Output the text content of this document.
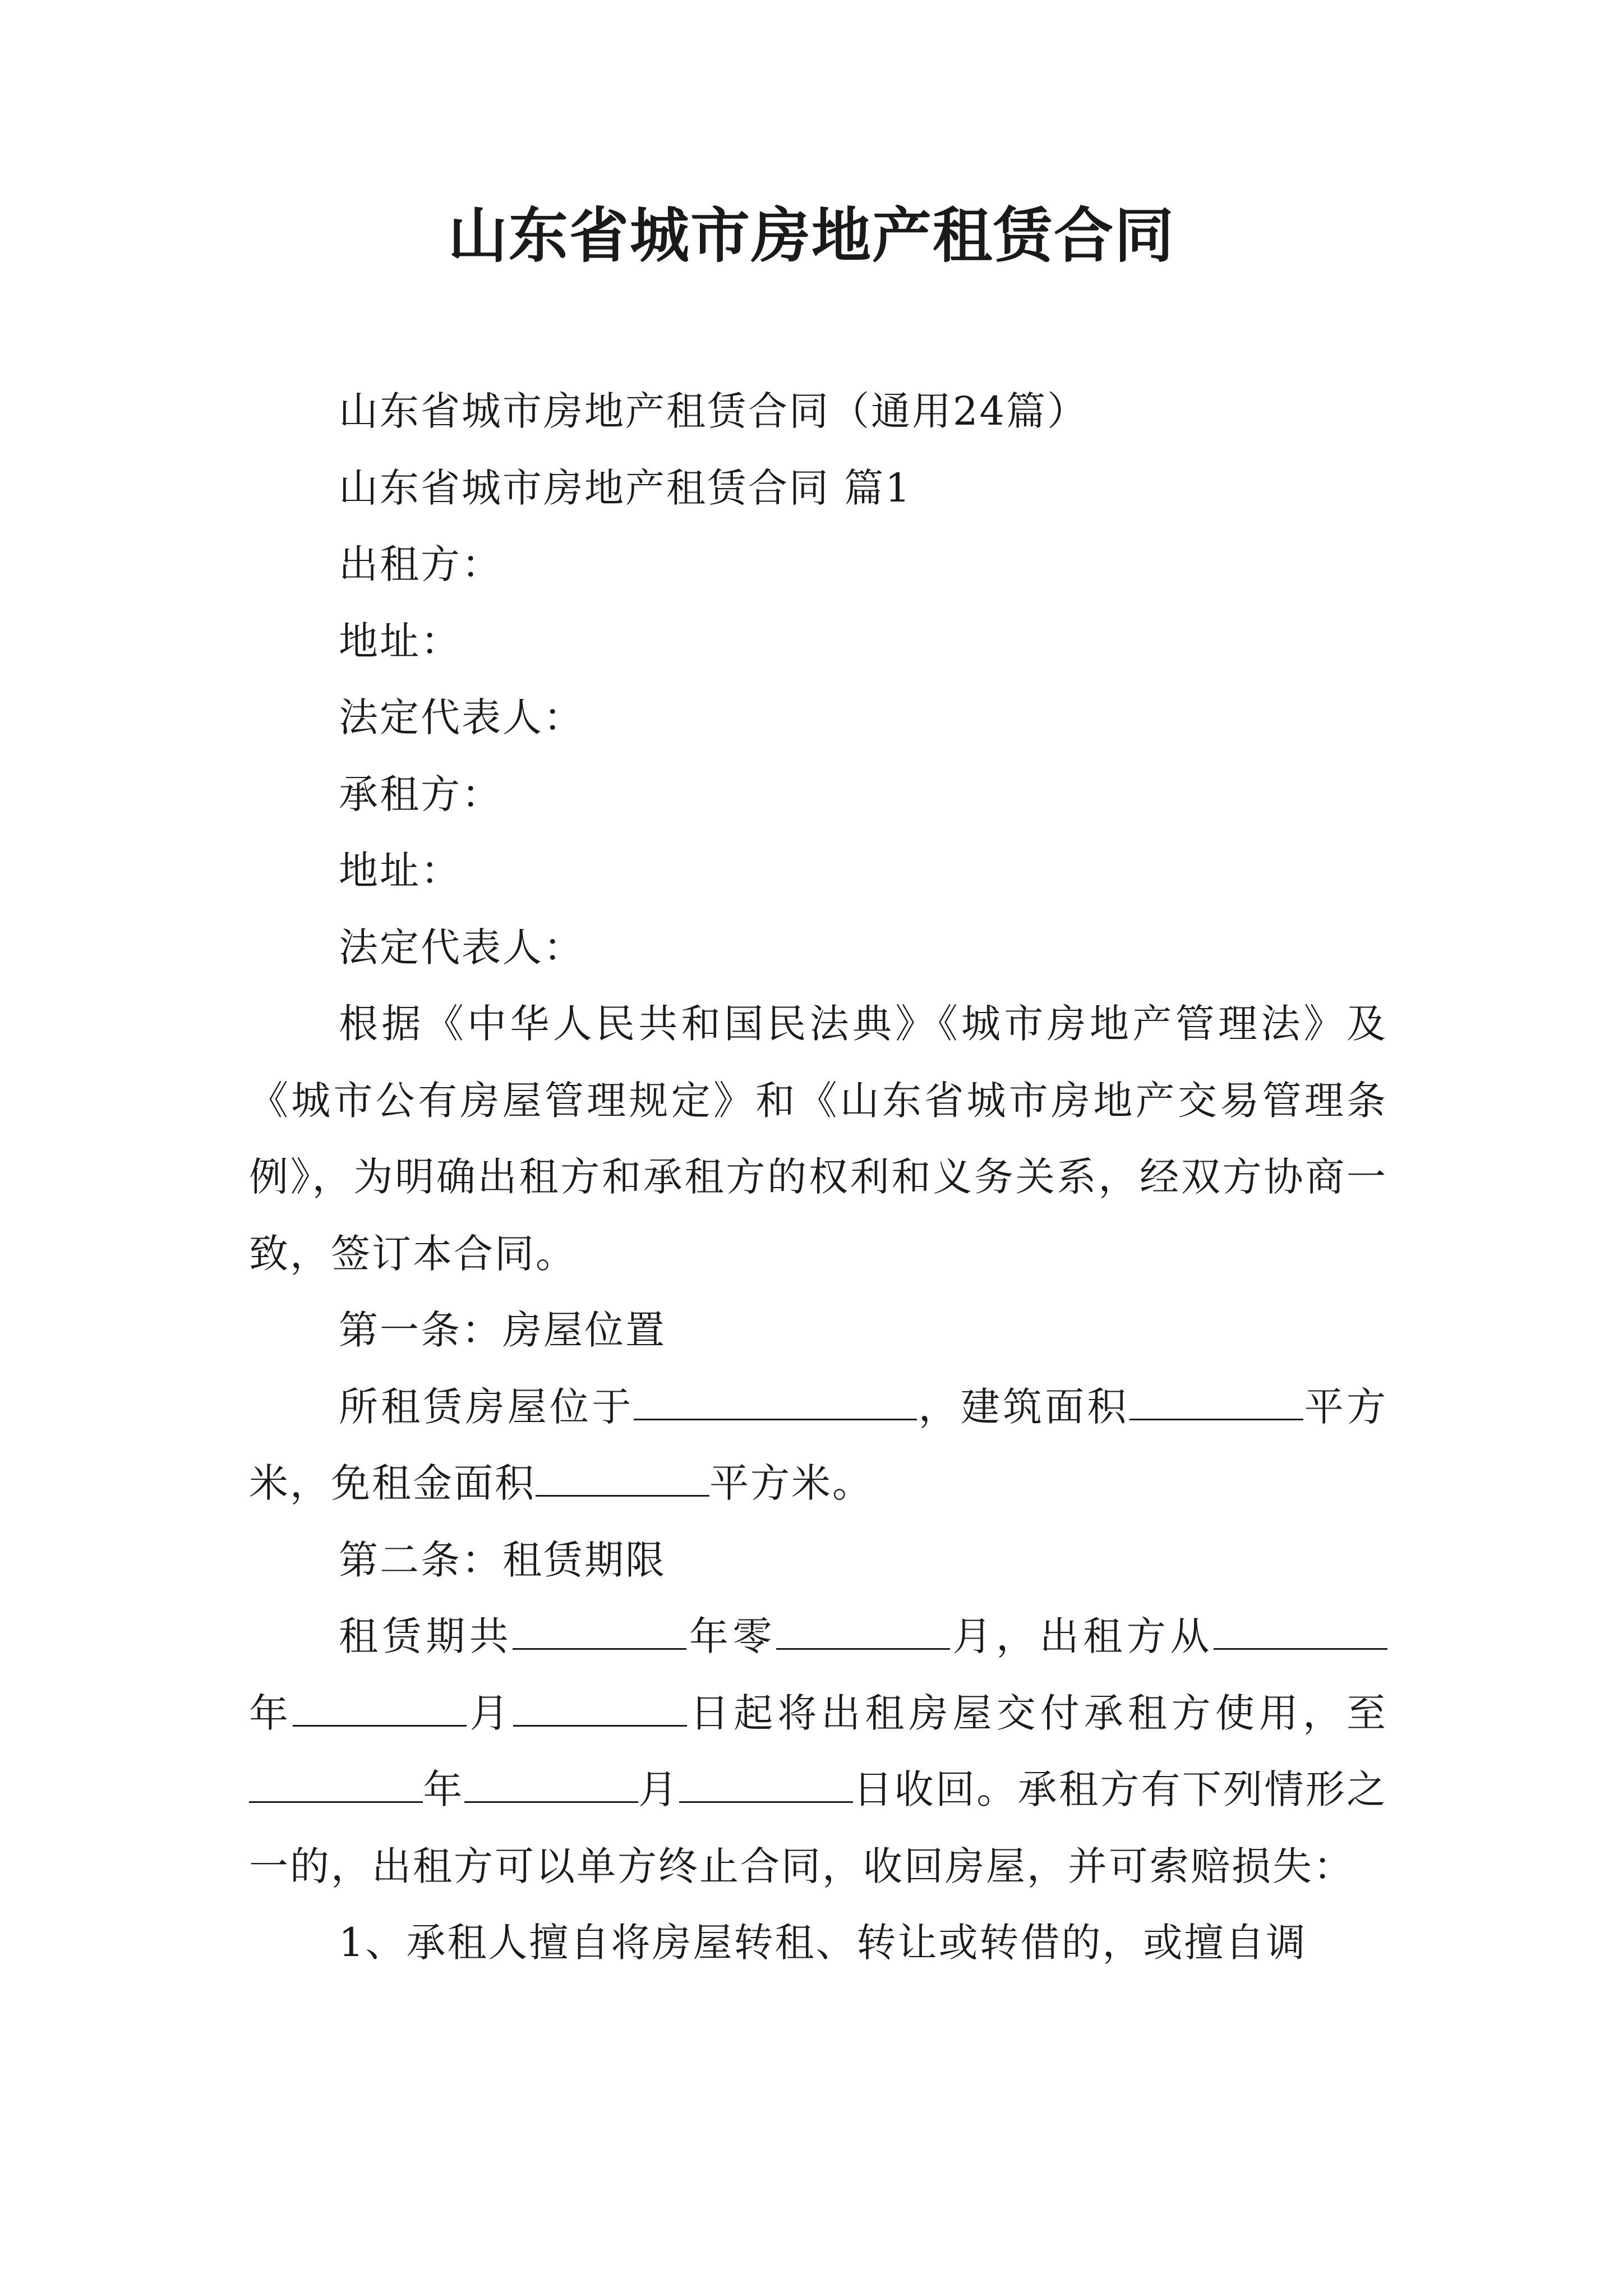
山东省城市房地产租赁合同

山东省城市房地产租赁合同（通用24篇）

山东省城市房地产租赁合同 篇1

出租方：

地址：

法定代表人：

承租方：

地址：

法定代表人：

根据《中华人民共和国民法典》《城市房地产管理法》及《城市公有房屋管理规定》和《山东省城市房地产交易管理条例》，为明确出租方和承租方的权利和义务关系，经双方协商一致，签订本合同。

第一条：房屋位置

所租赁房屋位于	，建筑面积	平方米，免租金面积	平方米。

第二条：租赁期限

租赁期共	年零	月，出租方从年	月	日起将出租房屋交付承租方使用，至年	月	日收回。承租方有下列情形之一的，出租方可以单方终止合同，收回房屋，并可索赔损失：

1、承租人擅自将房屋转租、转让或转借的，或擅自调
